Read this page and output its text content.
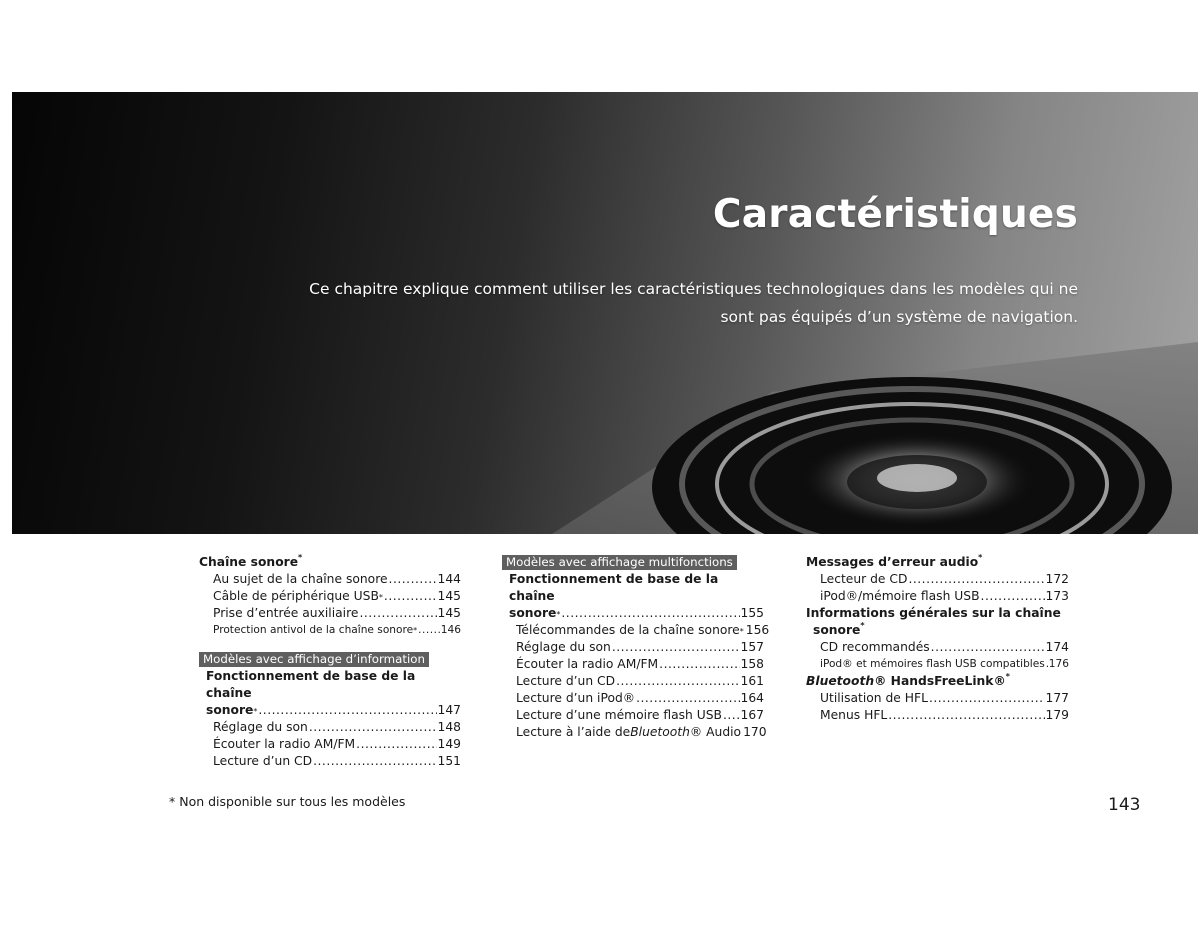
Caractéristiques
Ce chapitre explique comment utiliser les caractéristiques technologiques dans les modèles qui ne sont pas équipés d’un système de navigation.
Chaîne sonore*
Au sujet de la chaîne sonore .....	144
Câble de périphérique USB * .....	145
Prise d’entrée auxiliaire .....	145
Protection antivol de la chaîne sonore * ..... 146
Modèles avec affichage d’information
Fonctionnement de base de la chaîne
sonore * .....	147
Réglage du son .....	148
Écouter la radio AM/FM .....	149
Lecture d’un CD .....	151
Modèles avec affichage multifonctions
Fonctionnement de base de la chaîne
sonore * .....	155
Télécommandes de la chaîne sonore * 156
Réglage du son .....	157
Écouter la radio AM/FM .....	158
Lecture d’un CD .....	161
Lecture d’un iPod® .....	164
Lecture d’une mémoire flash USB ..... 167
Lecture à l’aide de Bluetooth ® Audio 170
Messages d’erreur audio*
Lecteur de CD .....	172
iPod®/mémoire flash USB .....	173
Informations générales sur la chaîne
sonore*
CD recommandés .....	174
iPod® et mémoires flash USB compatibles ..... 176
Bluetooth® HandsFreeLink®*
Utilisation de HFL .....	177
Menus HFL .....	179
* Non disponible sur tous les modèles	143
